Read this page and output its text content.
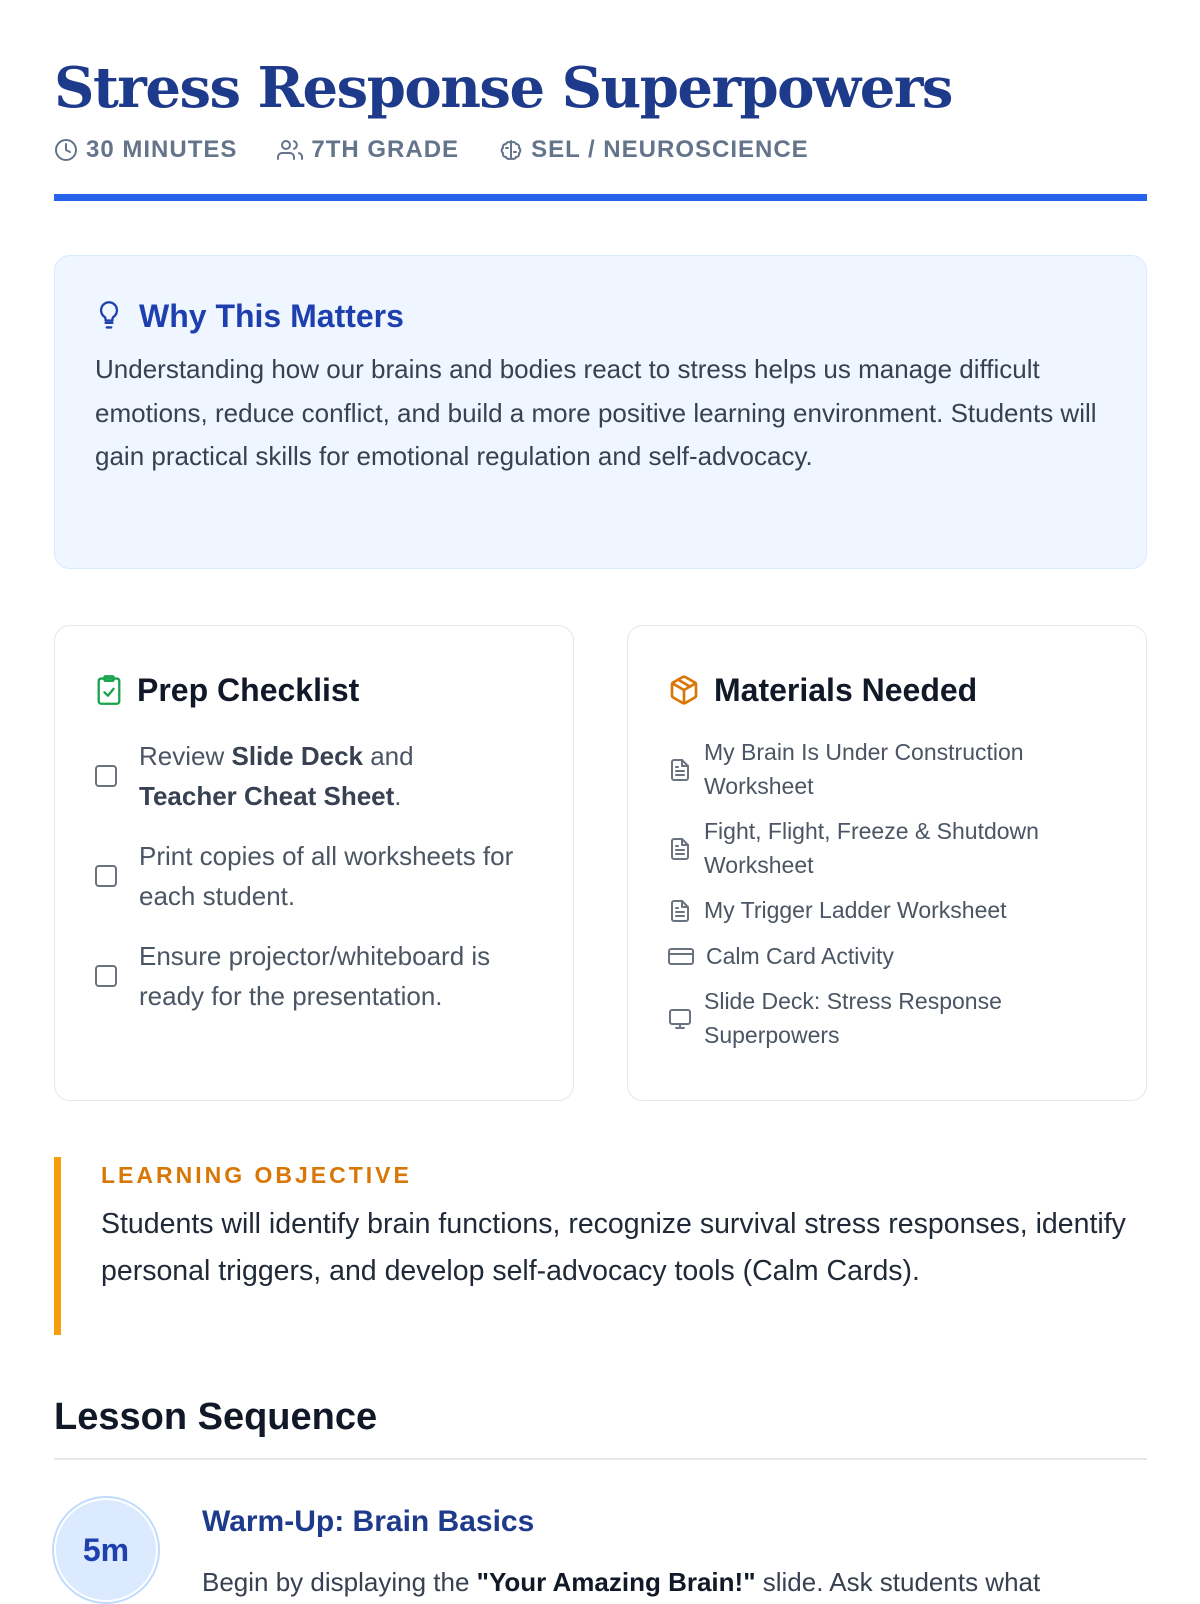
Stress Response Superpowers
30 MINUTES	7TH GRADE	SEL / NEUROSCIENCE
Why This Matters

Understanding how our brains and bodies react to stress helps us manage difficult emotions, reduce conflict, and build a more positive learning environment. Students will gain practical skills for emotional regulation and self-advocacy.

Prep Checklist
Review Slide Deck and
Teacher Cheat Sheet.
Print copies of all worksheets for each student.
Ensure projector/whiteboard is ready for the presentation.
Materials Needed
My Brain Is Under Construction Worksheet
Fight, Flight, Freeze & Shutdown Worksheet
My Trigger Ladder Worksheet
Calm Card Activity
Slide Deck: Stress Response Superpowers
LEARNING OBJECTIVE

Students will identify brain functions, recognize survival stress responses, identify personal triggers, and develop self-advocacy tools (Calm Cards).

Lesson Sequence
5m
Warm-Up: Brain Basics

Begin by displaying the "Your Amazing Brain!" slide. Ask students what
